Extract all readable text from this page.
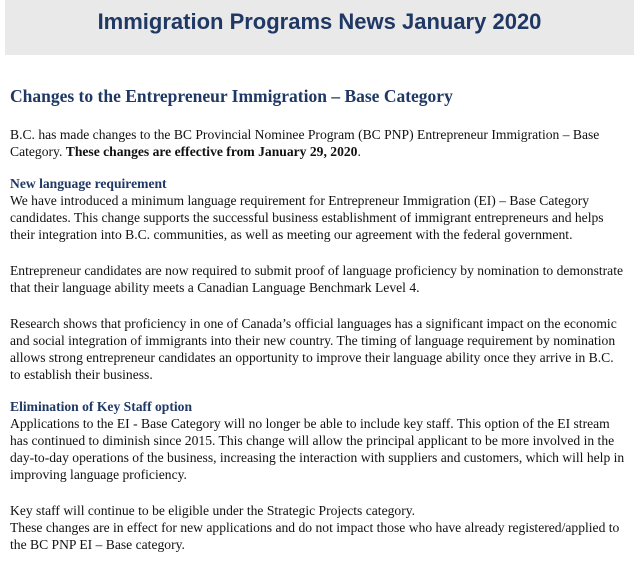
Immigration Programs News January 2020
Changes to the Entrepreneur Immigration – Base Category

B.C. has made changes to the BC Provincial Nominee Program (BC PNP) Entrepreneur Immigration – Base Category. These changes are effective from January 29, 2020.

New language requirement

We have introduced a minimum language requirement for Entrepreneur Immigration (EI) – Base Category candidates. This change supports the successful business establishment of immigrant entrepreneurs and helps their integration into B.C. communities, as well as meeting our agreement with the federal government.

Entrepreneur candidates are now required to submit proof of language proficiency by nomination to demonstrate that their language ability meets a Canadian Language Benchmark Level 4.

Research shows that proficiency in one of Canada’s official languages has a significant impact on the economic and social integration of immigrants into their new country. The timing of language requirement by nomination allows strong entrepreneur candidates an opportunity to improve their language ability once they arrive in B.C. to establish their business.

Elimination of Key Staff option

Applications to the EI - Base Category will no longer be able to include key staff. This option of the EI stream has continued to diminish since 2015. This change will allow the principal applicant to be more involved in the day-to-day operations of the business, increasing the interaction with suppliers and customers, which will help in improving language proficiency.

Key staff will continue to be eligible under the Strategic Projects category.

These changes are in effect for new applications and do not impact those who have already registered/applied to the BC PNP EI – Base category.
